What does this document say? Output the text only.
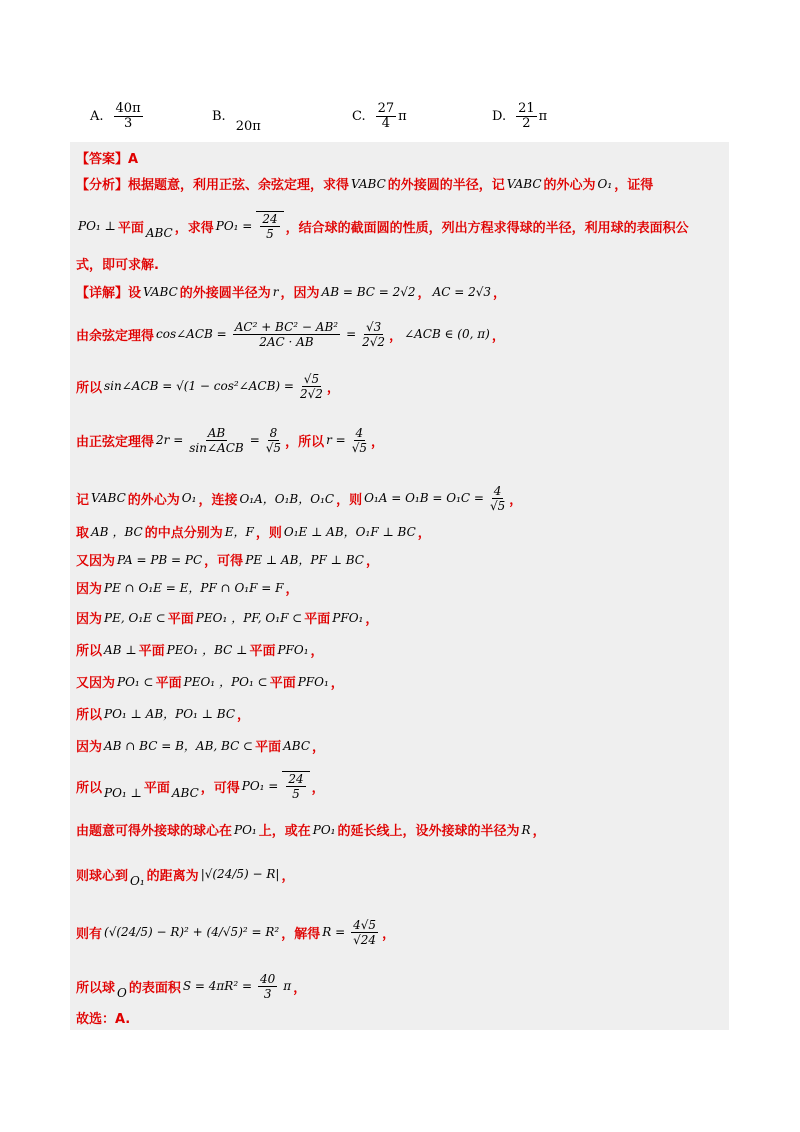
A. $\frac{40\pi}{3}$	B.
20π
C. $\frac{27}{4}$ π	D. $\frac{21}{2}$ π
【答案】A
【分析】根据题意，利用正弦、余弦定理，求得 VABC 的外接圆的半径，记 VABC 的外心为 O₁ ，证得
PO₁ ⊥ 平面 ABC ，求得 $PO_1 = \frac{24}{5}$ ，结合球的截面圆的性质，列出方程求得球的半径，利用球的表面积公
式，即可求解.
【详解】设 VABC 的外接圆半径为 r ，因为 AB = BC = 2√2 ， AC = 2√3 ，
由余弦定理得 cos∠ACB = $\frac{\text{AC² + BC² − AB²}}{2AC \cdot AB} = \frac{√3}{2√2}$ ， ∠ACB ∈ (0, π) ，
所以 sin∠ACB = √(1 − cos²∠ACB) = $\frac{√5}{2√2}$ ，
由正弦定理得 $2r = \frac{AB}{\text{sin∠ACB}} = \frac{8}{√5}$ ，所以 $r = \frac{4}{√5}$ ，
记 VABC 的外心为 O₁ ，连接 O₁A，O₁B，O₁C ，则 $O_1A = O_1B = O_1C = \frac{4}{√5}$ ，
取 AB ，BC 的中点分别为 E，F ，则 O₁E ⊥ AB，O₁F ⊥ BC ，
又因为 PA = PB = PC ，可得 PE ⊥ AB，PF ⊥ BC ，
因为 PE ∩ O₁E = E，PF ∩ O₁F = F ，
因为 PE, O₁E ⊂ 平面 PEO₁ ，PF, O₁F ⊂ 平面 PFO₁ ，
所以 AB ⊥ 平面 PEO₁ ，BC ⊥ 平面 PFO₁ ，
又因为 PO₁ ⊂ 平面 PEO₁ ，PO₁ ⊂ 平面 PFO₁ ，
所以 PO₁ ⊥ AB，PO₁ ⊥ BC ，
因为 AB ∩ BC = B，AB, BC ⊂ 平面 ABC ，
所以 PO₁ ⊥ 平面 ABC ，可得 $PO_1 = \frac{24}{5}$ ，
由题意可得外接球的球心在 PO₁ 上，或在 PO₁ 的延长线上，设外接球的半径为 R ，
则球心到 O₁ 的距离为 |√(24/5) − R| ，
则有 (√(24/5) − R)² + (4/√5)² = R² ，解得 $R = \frac{4√5}{√24}$ ，
所以球 O 的表面积 $S = 4\pi R^2 = \frac{40}{3}$ π ，
故选：A.
